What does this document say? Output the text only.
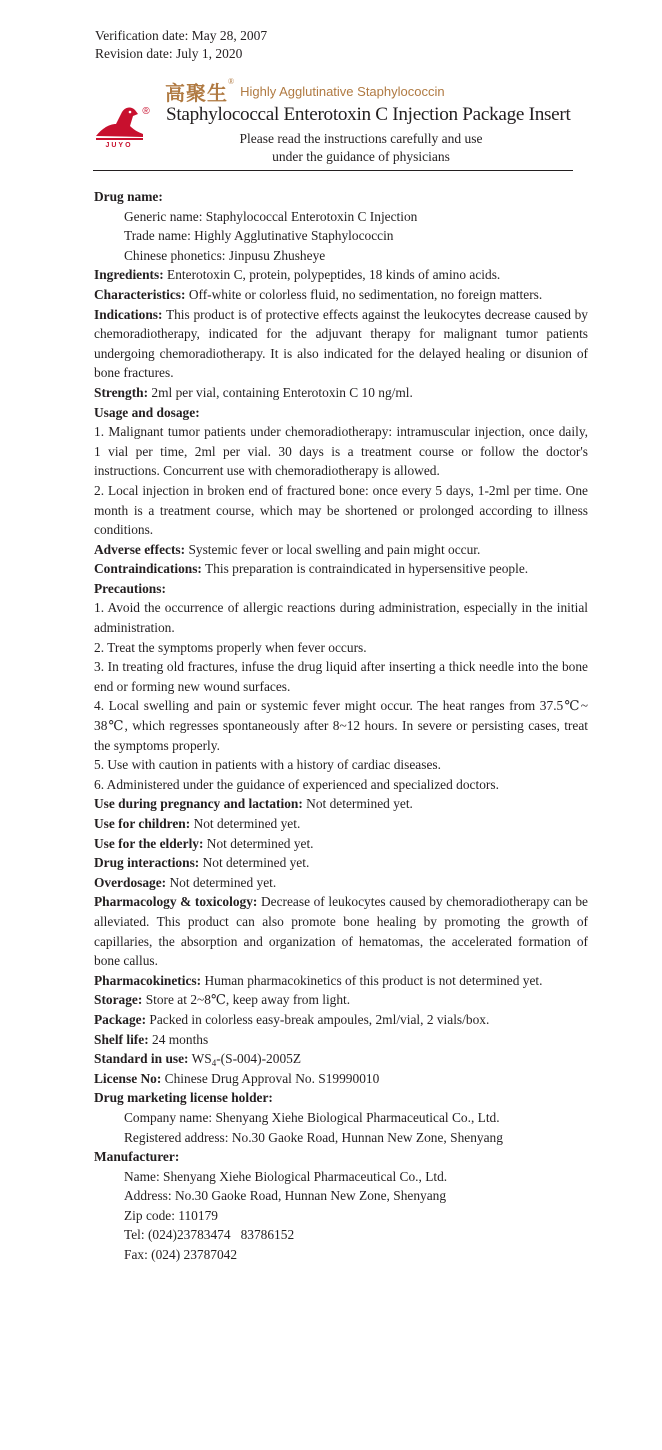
Verification date: May 28, 2007
Revision date: July 1, 2020
高聚生® Highly Agglutinative Staphylococcin
JUYO
® Staphylococcal Enterotoxin C Injection Package Insert
Please read the instructions carefully and use
under the guidance of physicians

Drug name:

Generic name: Staphylococcal Enterotoxin C Injection

Trade name: Highly Agglutinative Staphylococcin

Chinese phonetics: Jinpusu Zhusheye

Ingredients: Enterotoxin C, protein, polypeptides, 18 kinds of amino acids.

Characteristics: Off-white or colorless fluid, no sedimentation, no foreign matters.

Indications: This product is of protective effects against the leukocytes decrease caused by chemoradiotherapy, indicated for the adjuvant therapy for malignant tumor patients undergoing chemoradiotherapy. It is also indicated for the delayed healing or disunion of bone fractures.

Strength: 2ml per vial, containing Enterotoxin C 10 ng/ml.

Usage and dosage:

1. Malignant tumor patients under chemoradiotherapy: intramuscular injection, once daily, 1 vial per time, 2ml per vial. 30 days is a treatment course or follow the doctor's instructions. Concurrent use with chemoradiotherapy is allowed.

2. Local injection in broken end of fractured bone: once every 5 days, 1-2ml per time. One month is a treatment course, which may be shortened or prolonged according to illness conditions.

Adverse effects: Systemic fever or local swelling and pain might occur.

Contraindications: This preparation is contraindicated in hypersensitive people.

Precautions:

1. Avoid the occurrence of allergic reactions during administration, especially in the initial administration.

2. Treat the symptoms properly when fever occurs.

3. In treating old fractures, infuse the drug liquid after inserting a thick needle into the bone end or forming new wound surfaces.

4. Local swelling and pain or systemic fever might occur. The heat ranges from 37.5℃~ 38℃, which regresses spontaneously after 8~12 hours. In severe or persisting cases, treat the symptoms properly.

5. Use with caution in patients with a history of cardiac diseases.

6. Administered under the guidance of experienced and specialized doctors.

Use during pregnancy and lactation: Not determined yet.

Use for children: Not determined yet.

Use for the elderly: Not determined yet.

Drug interactions: Not determined yet.

Overdosage: Not determined yet.

Pharmacology & toxicology: Decrease of leukocytes caused by chemoradiotherapy can be alleviated. This product can also promote bone healing by promoting the growth of capillaries, the absorption and organization of hematomas, the accelerated formation of bone callus.

Pharmacokinetics: Human pharmacokinetics of this product is not determined yet.

Storage: Store at 2~8℃, keep away from light.

Package: Packed in colorless easy-break ampoules, 2ml/vial, 2 vials/box.

Shelf life: 24 months

Standard in use: $WS_4-(S-004)-2005Z$

License No: Chinese Drug Approval No. S19990010

Drug marketing license holder:

Company name: Shenyang Xiehe Biological Pharmaceutical Co., Ltd.

Registered address: No.30 Gaoke Road, Hunnan New Zone, Shenyang

Manufacturer:

Name: Shenyang Xiehe Biological Pharmaceutical Co., Ltd.

Address: No.30 Gaoke Road, Hunnan New Zone, Shenyang

Zip code: 110179

Tel: (024)23783474   83786152

Fax: (024) 23787042
